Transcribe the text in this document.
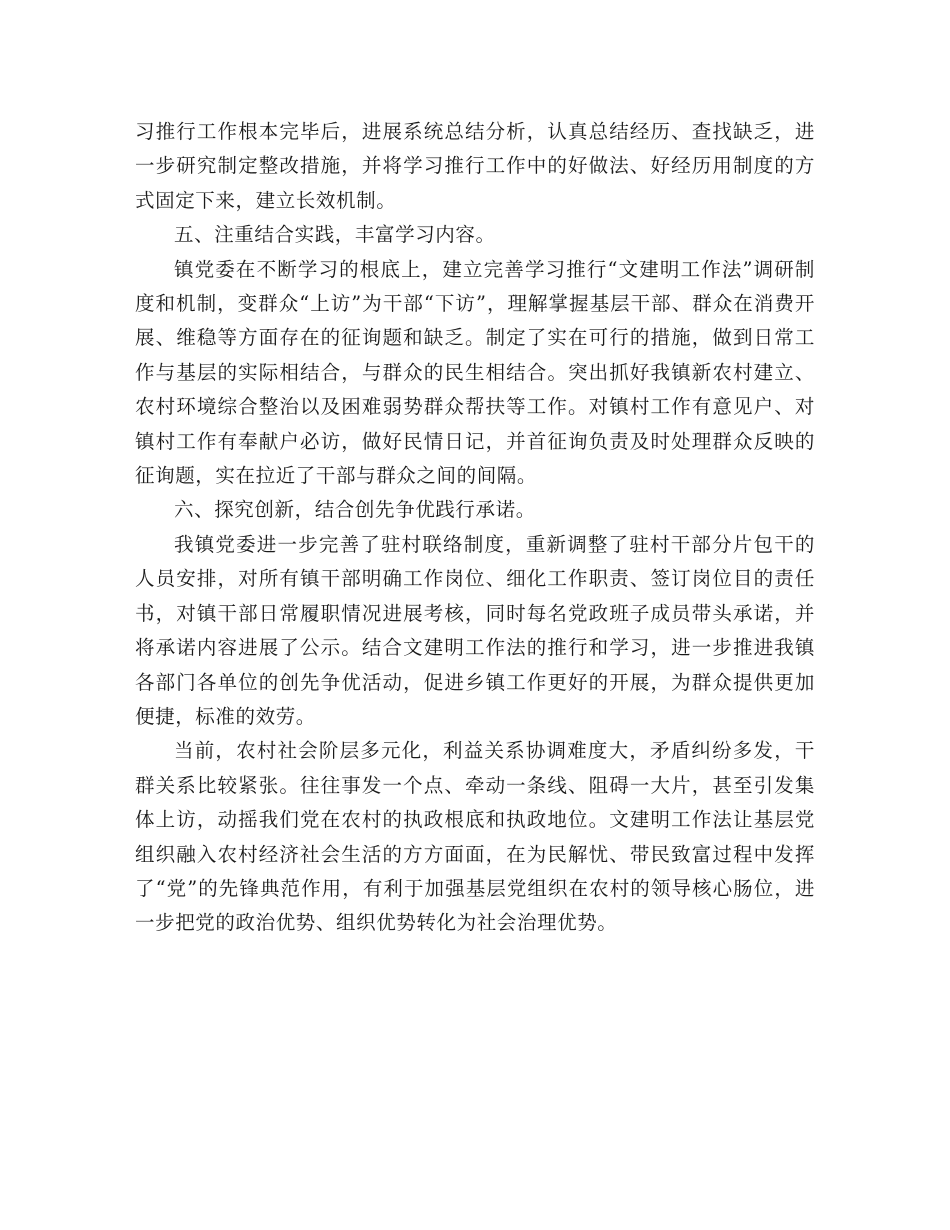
习推行工作根本完毕后，进展系统总结分析，认真总结经历、查找缺乏，进一步研究制定整改措施，并将学习推行工作中的好做法、好经历用制度的方式固定下来，建立长效机制。

五、注重结合实践，丰富学习内容。

镇党委在不断学习的根底上，建立完善学习推行“文建明工作法”调研制度和机制，变群众“上访”为干部“下访”，理解掌握基层干部、群众在消费开展、维稳等方面存在的征询题和缺乏。制定了实在可行的措施，做到日常工作与基层的实际相结合，与群众的民生相结合。突出抓好我镇新农村建立、农村环境综合整治以及困难弱势群众帮扶等工作。对镇村工作有意见户、对镇村工作有奉献户必访，做好民情日记，并首征询负责及时处理群众反映的征询题，实在拉近了干部与群众之间的间隔。

六、探究创新，结合创先争优践行承诺。

我镇党委进一步完善了驻村联络制度，重新调整了驻村干部分片包干的人员安排，对所有镇干部明确工作岗位、细化工作职责、签订岗位目的责任书，对镇干部日常履职情况进展考核，同时每名党政班子成员带头承诺，并将承诺内容进展了公示。结合文建明工作法的推行和学习，进一步推进我镇各部门各单位的创先争优活动，促进乡镇工作更好的开展，为群众提供更加便捷，标准的效劳。

当前，农村社会阶层多元化，利益关系协调难度大，矛盾纠纷多发，干群关系比较紧张。往往事发一个点、牵动一条线、阻碍一大片，甚至引发集体上访，动摇我们党在农村的执政根底和执政地位。文建明工作法让基层党组织融入农村经济社会生活的方方面面，在为民解忧、带民致富过程中发挥了“党”的先锋典范作用，有利于加强基层党组织在农村的领导核心肠位，进一步把党的政治优势、组织优势转化为社会治理优势。
